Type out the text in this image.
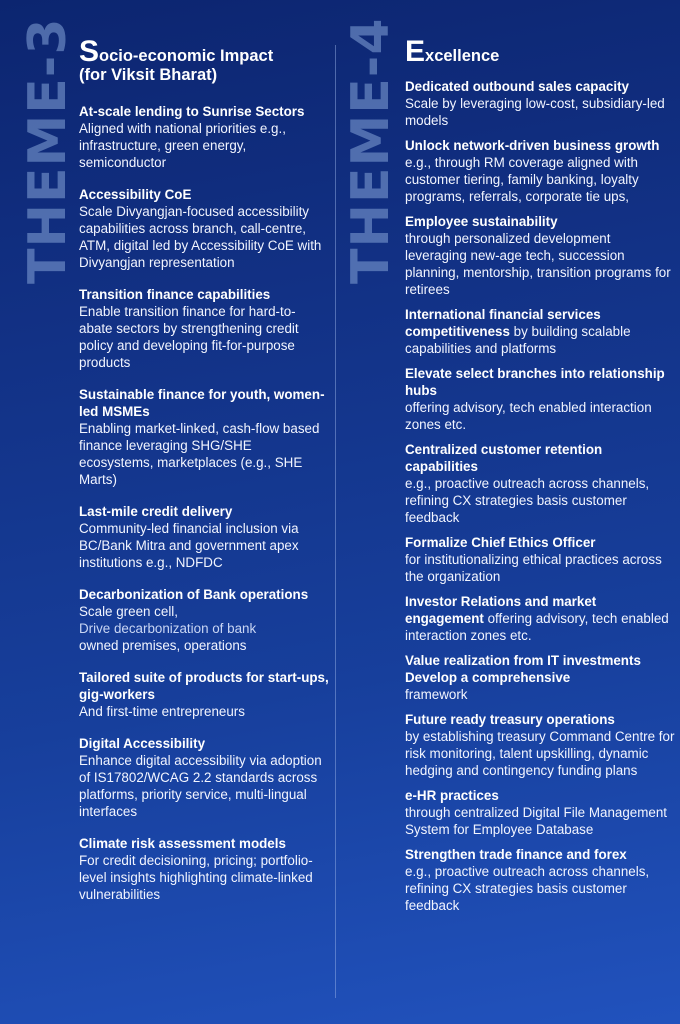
THEME-3	THEME-4
Socio-economic Impact
(for Viksit Bharat)
At-scale lending to Sunrise Sectors
Aligned with national priorities e.g., infrastructure, green energy, semiconductor
Accessibility CoE
Scale Divyangjan-focused accessibility capabilities across branch, call-centre, ATM, digital led by Accessibility CoE with Divyangjan representation
Transition finance capabilities
Enable transition finance for hard-to-abate sectors by strengthening credit policy and developing fit-for-purpose products
Sustainable finance for youth, women-led MSMEs
Enabling market-linked, cash-flow based finance leveraging SHG/SHE ecosystems, marketplaces (e.g., SHE Marts)
Last-mile credit delivery
Community-led financial inclusion via BC/Bank Mitra and government apex institutions e.g., NDFDC
Decarbonization of Bank operations
Scale green cell,
Drive decarbonization of bank
owned premises, operations
Tailored suite of products for start-ups, gig-workers
And first-time entrepreneurs
Digital Accessibility
Enhance digital accessibility via adoption of IS17802/WCAG 2.2 standards across platforms, priority service, multi-lingual interfaces
Climate risk assessment models
For credit decisioning, pricing; portfolio-level insights highlighting climate-linked vulnerabilities
Excellence
Dedicated outbound sales capacity
Scale by leveraging low-cost, subsidiary-led models
Unlock network-driven business growth e.g., through RM coverage aligned with customer tiering, family banking, loyalty programs, referrals, corporate tie ups,
Employee sustainability
through personalized development leveraging new-age tech, succession planning, mentorship, transition programs for retirees
International financial services competitiveness by building scalable capabilities and platforms
Elevate select branches into relationship hubs
offering advisory, tech enabled interaction zones etc.
Centralized customer retention capabilities
e.g., proactive outreach across channels, refining CX strategies basis customer feedback
Formalize Chief Ethics Officer
for institutionalizing ethical practices across the organization
Investor Relations and market engagement offering advisory, tech enabled interaction zones etc.
Value realization from IT investments
Develop a comprehensive
framework
Future ready treasury operations
by establishing treasury Command Centre for risk monitoring, talent upskilling, dynamic hedging and contingency funding plans
e-HR practices
through centralized Digital File Management System for Employee Database
Strengthen trade finance and forex
e.g., proactive outreach across channels, refining CX strategies basis customer feedback
